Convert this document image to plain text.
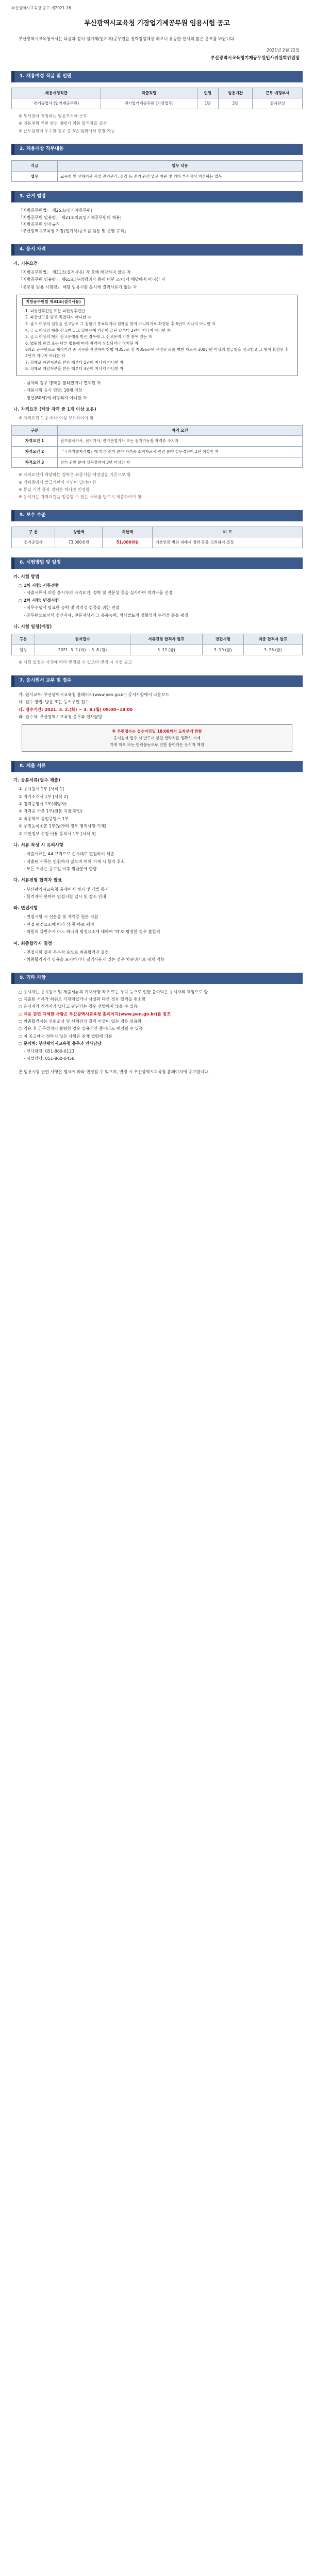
부산광역시교육청 공고 제2021-16
부산광역시교육청 기장업기제공무원 임용시험 공고
부산광역시교육청에서는 다음과 같이 임기제(업기제)공무원을 경력경쟁채용 하오니 유능한 인재의 많은 응모를 바랍니다.
2021년 2월 22일
부산광역시교육청기제공무원인사위원회위원장
1. 채용예정 직급 및 인원
채용예정직급	직급직렬	인원	임용기간	근무 예정부서
전기공업사 (업기제공무원)	전기업기제공무원 (기장업무)	1명	2년	감사관실
※ 부서장이 지정하는 임용부서에 근무
※ 임용계획 인원 범위 내에서 최종 합격자를 결정
※ 근무실적이 우수한 경우 총 5년 범위에서 연장 가능
2. 채용대상 직무내용
직급	업무 내용
업무	교육청 및 산하기관 시설 전기관리, 점검 등 전기 관련 업무 지원 및 기타 부서장이 지정하는 업무
3. 근거 법령
「지방공무원법」 제25조(임기제공무원)
「지방공무원 임용령」 제21조의2(임기제공무원의 채용)
「지방공무원 인사규칙」
「부산광역시교육청 기장(업기제)공무원 임용 및 운영 규칙」
4. 응시 자격
가. 기본요건
「지방공무원법」 제31조(결격사유) 각 호에 해당하지 않은 자
「지방공무원 임용령」 제65조(부정행위자 등에 대한 조치)에 해당하지 아니한 자
「공무원 임용 시험령」 해당 임용시험 응시에 결격사유가 없는 자
지방공무원법 제31조(결격사유)
1. 피성년후견인 또는 피한정후견인
2. 파산선고를 받고 복권되지 아니한 자
3. 금고 이상의 실형을 선고받고 그 집행이 종료되거나 집행을 받지 아니하기로 확정된 후 5년이 지나지 아니한 자
4. 금고 이상의 형을 선고받고 그 집행유예 기간이 끝난 날부터 2년이 지나지 아니한 자
5. 금고 이상의 형의 선고유예를 받은 경우에 그 선고유예 기간 중에 있는 자
6. 법원의 판결 또는 다른 법률에 따라 자격이 상실되거나 정지된 자
6의2. 공무원으로 재직기간 중 직무와 관련하여 형법 제355조 및 제356조에 규정된 죄를 범한 자로서 300만원 이상의 벌금형을 선고받고 그 형이 확정된 후 2년이 지나지 아니한 자
7. 징계로 파면처분을 받은 때부터 5년이 지나지 아니한 자
8. 징계로 해임처분을 받은 때부터 3년이 지나지 아니한 자
- 남자의 경우 병역을 필하였거나 면제된 자
- 채용시험 응시 연령: 18세 이상
- 정년(60세)에 해당되지 아니한 자
나. 자격요건 (해당 자격 중 1개 이상 보유)
※ 자격요건 1 중 하나 이상 보유하여야 함
구분	자격 요건
자격요건 1	전기공사기사, 전기기사, 전기산업기사 또는 전기기능장 자격증 소지자
자격요건 2	「국가기술자격법」에 따른 전기 분야 자격증 소지자로서 관련 분야 실무경력이 2년 이상인 자
자격요건 3	전기 관련 분야 실무경력이 3년 이상인 자
※ 자격요건에 해당하는 경력은 최종시험 예정일을 기준으로 함
※ 경력증명서 발급기관의 직인이 있어야 함
※ 동일 기간 중복 경력은 하나만 인정함
※ 응시자는 자격요건을 입증할 수 있는 서류를 반드시 제출하여야 함
5. 보수 수준
구 분	상한액	하한액	비 고
전기공업사	73,000천원	51,000천원	기본연봉 범위 내에서 경력 등을 고려하여 결정
6. 시험방법 및 일정
가. 시험 방법
○ 1차 시험: 서류전형
- 제출서류에 의한 응시자의 자격요건, 경력 및 전문성 등을 심사하여 적격자를 선정
○ 2차 시험: 면접시험
- 직무수행에 필요한 능력 및 적격성 검증을 위한 면접
- 공무원으로서의 정신자세, 전문지식과 그 응용능력, 의사발표의 정확성과 논리성 등을 평정
나. 시험 일정(예정)
구분	원서접수	서류전형 합격자 발표	면접시험	최종 합격자 발표
일정	2021. 3. 2.(화) ~ 3. 8.(월)	3. 12.(금)	3. 19.(금)	3. 26.(금)
※ 시험 일정은 사정에 따라 변경될 수 있으며 변경 시 사전 공고
7. 응시원서 교부 및 접수
가. 원서교부: 부산광역시교육청 홈페이지(www.pen.go.kr) 공지사항에서 다운로드
나. 접수 방법: 방문 또는 등기우편 접수
다. 접수기간: 2021. 3. 2.(화) ~ 3. 8.(월) 09:00~18:00
라. 접수처: 부산광역시교육청 총무과 인사담당
※ 우편접수는 접수마감일 18:00까지 도착분에 한함
응시원서 접수 시 반드시 본인 연락처를 정확히 기재
기재 착오 또는 연락불능으로 인한 불이익은 응시자 책임
8. 제출 서류
가. 공통서류(필수 제출)
① 응시원서 1부 [서식 1]
② 자기소개서 1부 [서식 2]
③ 경력증명서 1부(해당자)
④ 자격증 사본 1부(원본 지참 확인)
⑤ 최종학교 졸업증명서 1부
⑥ 주민등록초본 1부(남자의 경우 병적사항 기재)
⑦ 개인정보 수집·이용 동의서 1부 [서식 3]
나. 서류 작성 시 유의사항
- 제출서류는 A4 규격으로 순서대로 편철하여 제출
- 제출된 서류는 반환하지 않으며 허위 기재 시 합격 취소
- 모든 서류는 공고일 이후 발급분에 한함
다. 서류전형 합격자 발표
- 부산광역시교육청 홈페이지 게시 및 개별 통지
- 합격자에 한하여 면접시험 일시 및 장소 안내
라. 면접시험
- 면접시험 시 신분증 및 자격증 원본 지참
- 면접 평정요소에 따라 상·중·하로 평정
- 위원의 과반수가 어느 하나의 평정요소에 대하여 '하'로 평정한 경우 불합격
마. 최종합격자 결정
- 면접시험 결과 우수자 순으로 최종합격자 결정
- 최종합격자가 임용을 포기하거나 결격사유가 있는 경우 차순위자로 대체 가능
9. 기타 사항
○ 응시자는 응시원서 및 제출서류의 기재사항 착오 또는 누락 등으로 인한 불이익은 응시자의 책임으로 함
○ 제출된 서류가 허위로 기재되었거나 사실과 다른 경우 합격을 취소함
○ 응시자가 적격자가 없다고 판단되는 경우 선발하지 않을 수 있음
○ 채용 관련 자세한 사항은 부산광역시교육청 홈페이지(www.pen.go.kr)를 참조
○ 최종합격자는 신원조사 및 신체검사 결과 이상이 없는 경우 임용함
○ 임용 후 근무성적이 불량한 경우 임용기간 중이라도 해임될 수 있음
○ 이 공고에서 정하지 않은 사항은 관계 법령에 따름
○ 문의처: 부산광역시교육청 총무과 인사담당
- 인사담당: 051-860-0123
- 시설담당: 051-860-0456
본 임용시험 관련 사항은 필요에 따라 변경될 수 있으며, 변경 시 부산광역시교육청 홈페이지에 공고합니다.
